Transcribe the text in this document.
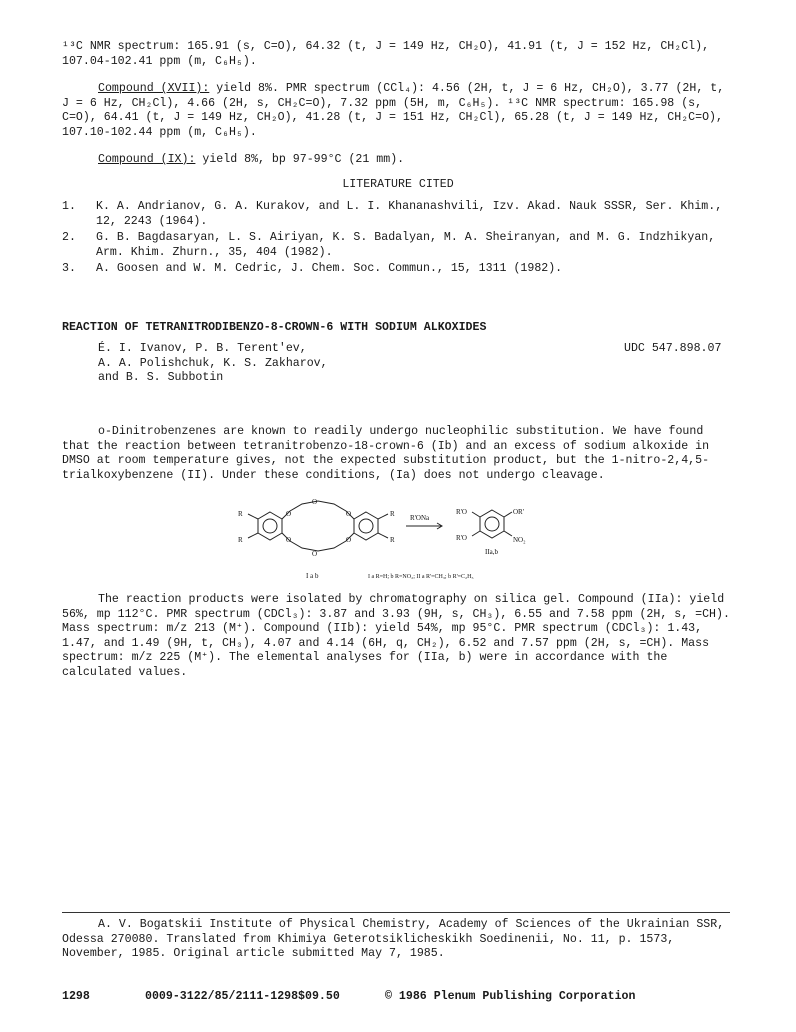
¹³C NMR spectrum: 165.91 (s, C=O), 64.32 (t, J = 149 Hz, CH₂O), 41.91 (t, J = 152 Hz, CH₂Cl), 107.04-102.41 ppm (m, C₆H₅).

Compound (XVII): yield 8%. PMR spectrum (CCl₄): 4.56 (2H, t, J = 6 Hz, CH₂O), 3.77 (2H, t, J = 6 Hz, CH₂Cl), 4.66 (2H, s, CH₂C=O), 7.32 ppm (5H, m, C₆H₅). ¹³C NMR spectrum: 165.98 (s, C=O), 64.41 (t, J = 149 Hz, CH₂O), 41.28 (t, J = 151 Hz, CH₂Cl), 65.28 (t, J = 149 Hz, CH₂C=O), 107.10-102.44 ppm (m, C₆H₅).

Compound (IX): yield 8%, bp 97-99°C (21 mm).

LITERATURE CITED
1. K. A. Andrianov, G. A. Kurakov, and L. I. Khananashvili, Izv. Akad. Nauk SSSR, Ser. Khim., 12, 2243 (1964).
2. G. B. Bagdasaryan, L. S. Airiyan, K. S. Badalyan, M. A. Sheiranyan, and M. G. Indzhikyan, Arm. Khim. Zhurn., 35, 404 (1982).
3. A. Goosen and W. M. Cedric, J. Chem. Soc. Commun., 15, 1311 (1982).
REACTION OF TETRANITRODIBENZO-8-CROWN-6 WITH SODIUM ALKOXIDES
É. I. Ivanov, P. B. Terent'ev,
A. A. Polishchuk, K. S. Zakharov,
and B. S. Subbotin
UDC 547.898.07

o-Dinitrobenzenes are known to readily undergo nucleophilic substitution. We have found that the reaction between tetranitrobenzo-18-crown-6 (Ib) and an excess of sodium alkoxide in DMSO at room temperature gives, not the expected substitution product, but the 1-nitro-2,4,5-trialkoxybenzene (II). Under these conditions, (Ia) does not undergo cleavage.

R
R
R
R
O
O
O
O
O
O
R'ONa
R'O
R'O
OR'
NO₂
IIa,b
I a b	I a R=H; b R=NO₂; II a R'=CH₃; b R'=C₂H₅

The reaction products were isolated by chromatography on silica gel. Compound (IIa): yield 56%, mp 112°C. PMR spectrum (CDCl₃): 3.87 and 3.93 (9H, s, CH₃), 6.55 and 7.58 ppm (2H, s, =CH). Mass spectrum: m/z 213 (M⁺). Compound (IIb): yield 54%, mp 95°C. PMR spectrum (CDCl₃): 1.43, 1.47, and 1.49 (9H, t, CH₃), 4.07 and 4.14 (6H, q, CH₂), 6.52 and 7.57 ppm (2H, s, =CH). Mass spectrum: m/z 225 (M⁺). The elemental analyses for (IIa, b) were in accordance with the calculated values.

A. V. Bogatskii Institute of Physical Chemistry, Academy of Sciences of the Ukrainian SSR, Odessa 270080. Translated from Khimiya Geterotsiklicheskikh Soedinenii, No. 11, p. 1573, November, 1985. Original article submitted May 7, 1985.

1298	0009-3122/85/2111-1298$09.50	© 1986 Plenum Publishing Corporation
